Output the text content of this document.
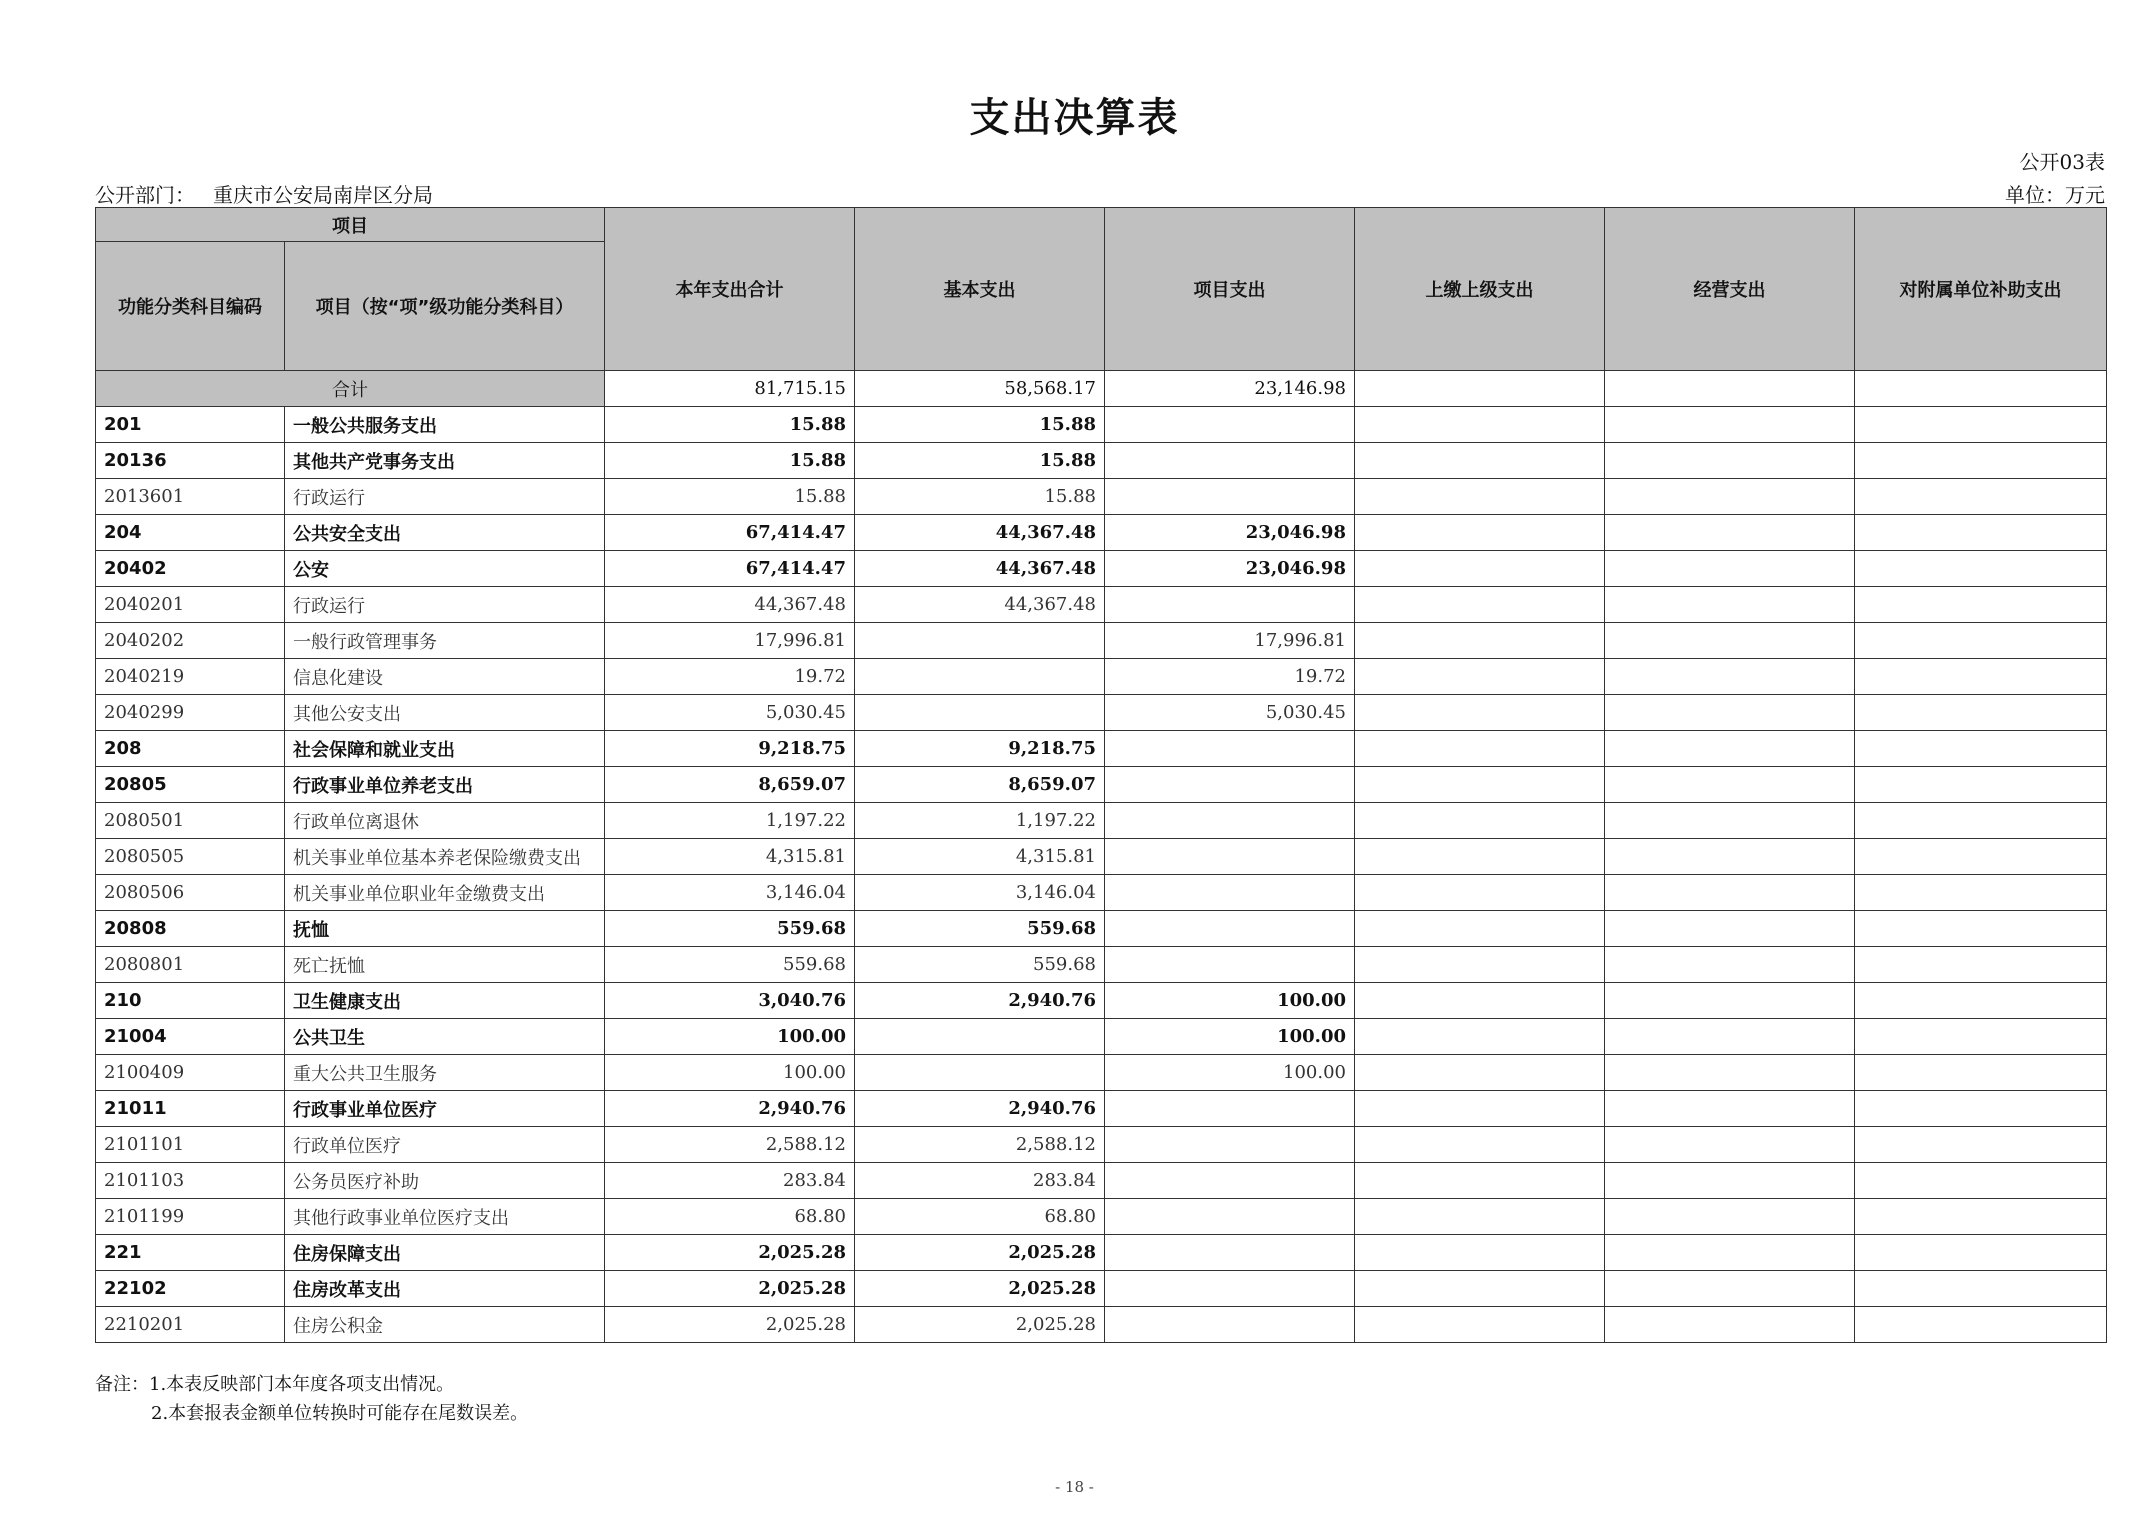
支出决算表
公开03表
公开部门： 重庆市公安局南岸区分局	单位：万元
项目		本年支出合计	基本支出	项目支出	上缴上级支出	经营支出	对附属单位补助支出
功能分类科目编码	项目（按“项”级功能分类科目）						
合计		81,715.15	58,568.17	23,146.98			
201	一般公共服务支出	15.88	15.88				
20136	其他共产党事务支出	15.88	15.88				
2013601	行政运行	15.88	15.88				
204	公共安全支出	67,414.47	44,367.48	23,046.98			
20402	公安	67,414.47	44,367.48	23,046.98			
2040201	行政运行	44,367.48	44,367.48				
2040202	一般行政管理事务	17,996.81		17,996.81			
2040219	信息化建设	19.72		19.72			
2040299	其他公安支出	5,030.45		5,030.45			
208	社会保障和就业支出	9,218.75	9,218.75				
20805	行政事业单位养老支出	8,659.07	8,659.07				
2080501	行政单位离退休	1,197.22	1,197.22				
2080505	机关事业单位基本养老保险缴费支出	4,315.81	4,315.81				
2080506	机关事业单位职业年金缴费支出	3,146.04	3,146.04				
20808	抚恤	559.68	559.68				
2080801	死亡抚恤	559.68	559.68				
210	卫生健康支出	3,040.76	2,940.76	100.00			
21004	公共卫生	100.00		100.00			
2100409	重大公共卫生服务	100.00		100.00			
21011	行政事业单位医疗	2,940.76	2,940.76				
2101101	行政单位医疗	2,588.12	2,588.12				
2101103	公务员医疗补助	283.84	283.84				
2101199	其他行政事业单位医疗支出	68.80	68.80				
221	住房保障支出	2,025.28	2,025.28				
22102	住房改革支出	2,025.28	2,025.28				
2210201	住房公积金	2,025.28	2,025.28				
备注：1.本表反映部门本年度各项支出情况。
2.本套报表金额单位转换时可能存在尾数误差。
- 18 -
